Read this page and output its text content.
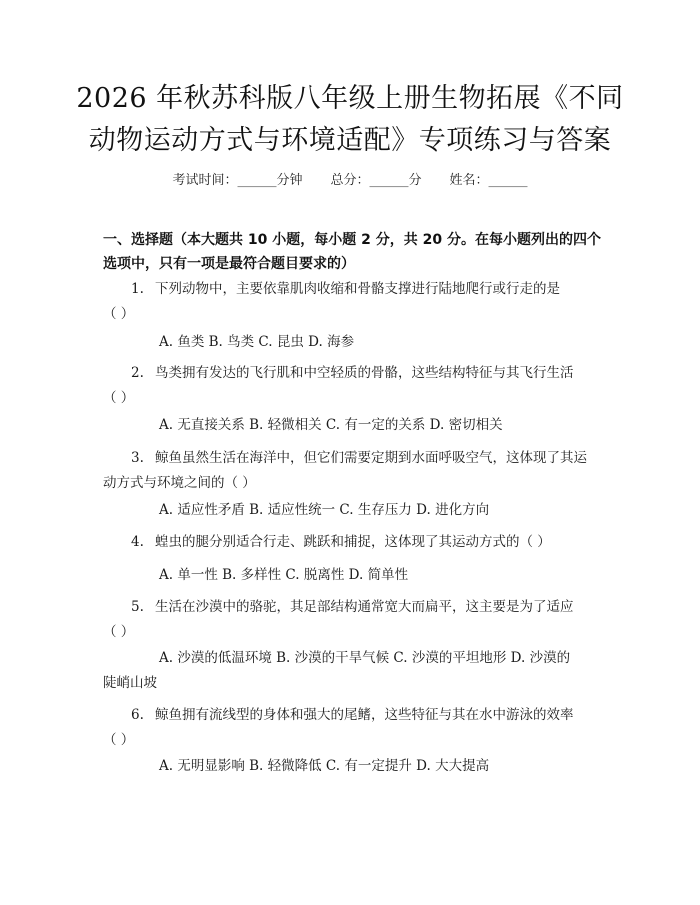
2026 年秋苏科版八年级上册生物拓展《不同
动物运动方式与环境适配》专项练习与答案
考试时间：______分钟 总分：______分 姓名：______
一、选择题（本大题共 10 小题，每小题 2 分，共 20 分。在每小题列出的四个选项中，只有一项是最符合题目要求的）
1. 下列动物中，主要依靠肌肉收缩和骨骼支撑进行陆地爬行或行走的是
（ ）
A. 鱼类 B. 鸟类 C. 昆虫 D. 海参
2. 鸟类拥有发达的飞行肌和中空轻质的骨骼，这些结构特征与其飞行生活
（ ）
A. 无直接关系 B. 轻微相关 C. 有一定的关系 D. 密切相关
3. 鲸鱼虽然生活在海洋中，但它们需要定期到水面呼吸空气，这体现了其运
动方式与环境之间的（ ）
A. 适应性矛盾 B. 适应性统一 C. 生存压力 D. 进化方向
4. 蝗虫的腿分别适合行走、跳跃和捕捉，这体现了其运动方式的（ ）
A. 单一性 B. 多样性 C. 脱离性 D. 简单性
5. 生活在沙漠中的骆驼，其足部结构通常宽大而扁平，这主要是为了适应
（ ）
A. 沙漠的低温环境 B. 沙漠的干旱气候 C. 沙漠的平坦地形 D. 沙漠的
陡峭山坡
6. 鲸鱼拥有流线型的身体和强大的尾鳍，这些特征与其在水中游泳的效率
（ ）
A. 无明显影响 B. 轻微降低 C. 有一定提升 D. 大大提高
